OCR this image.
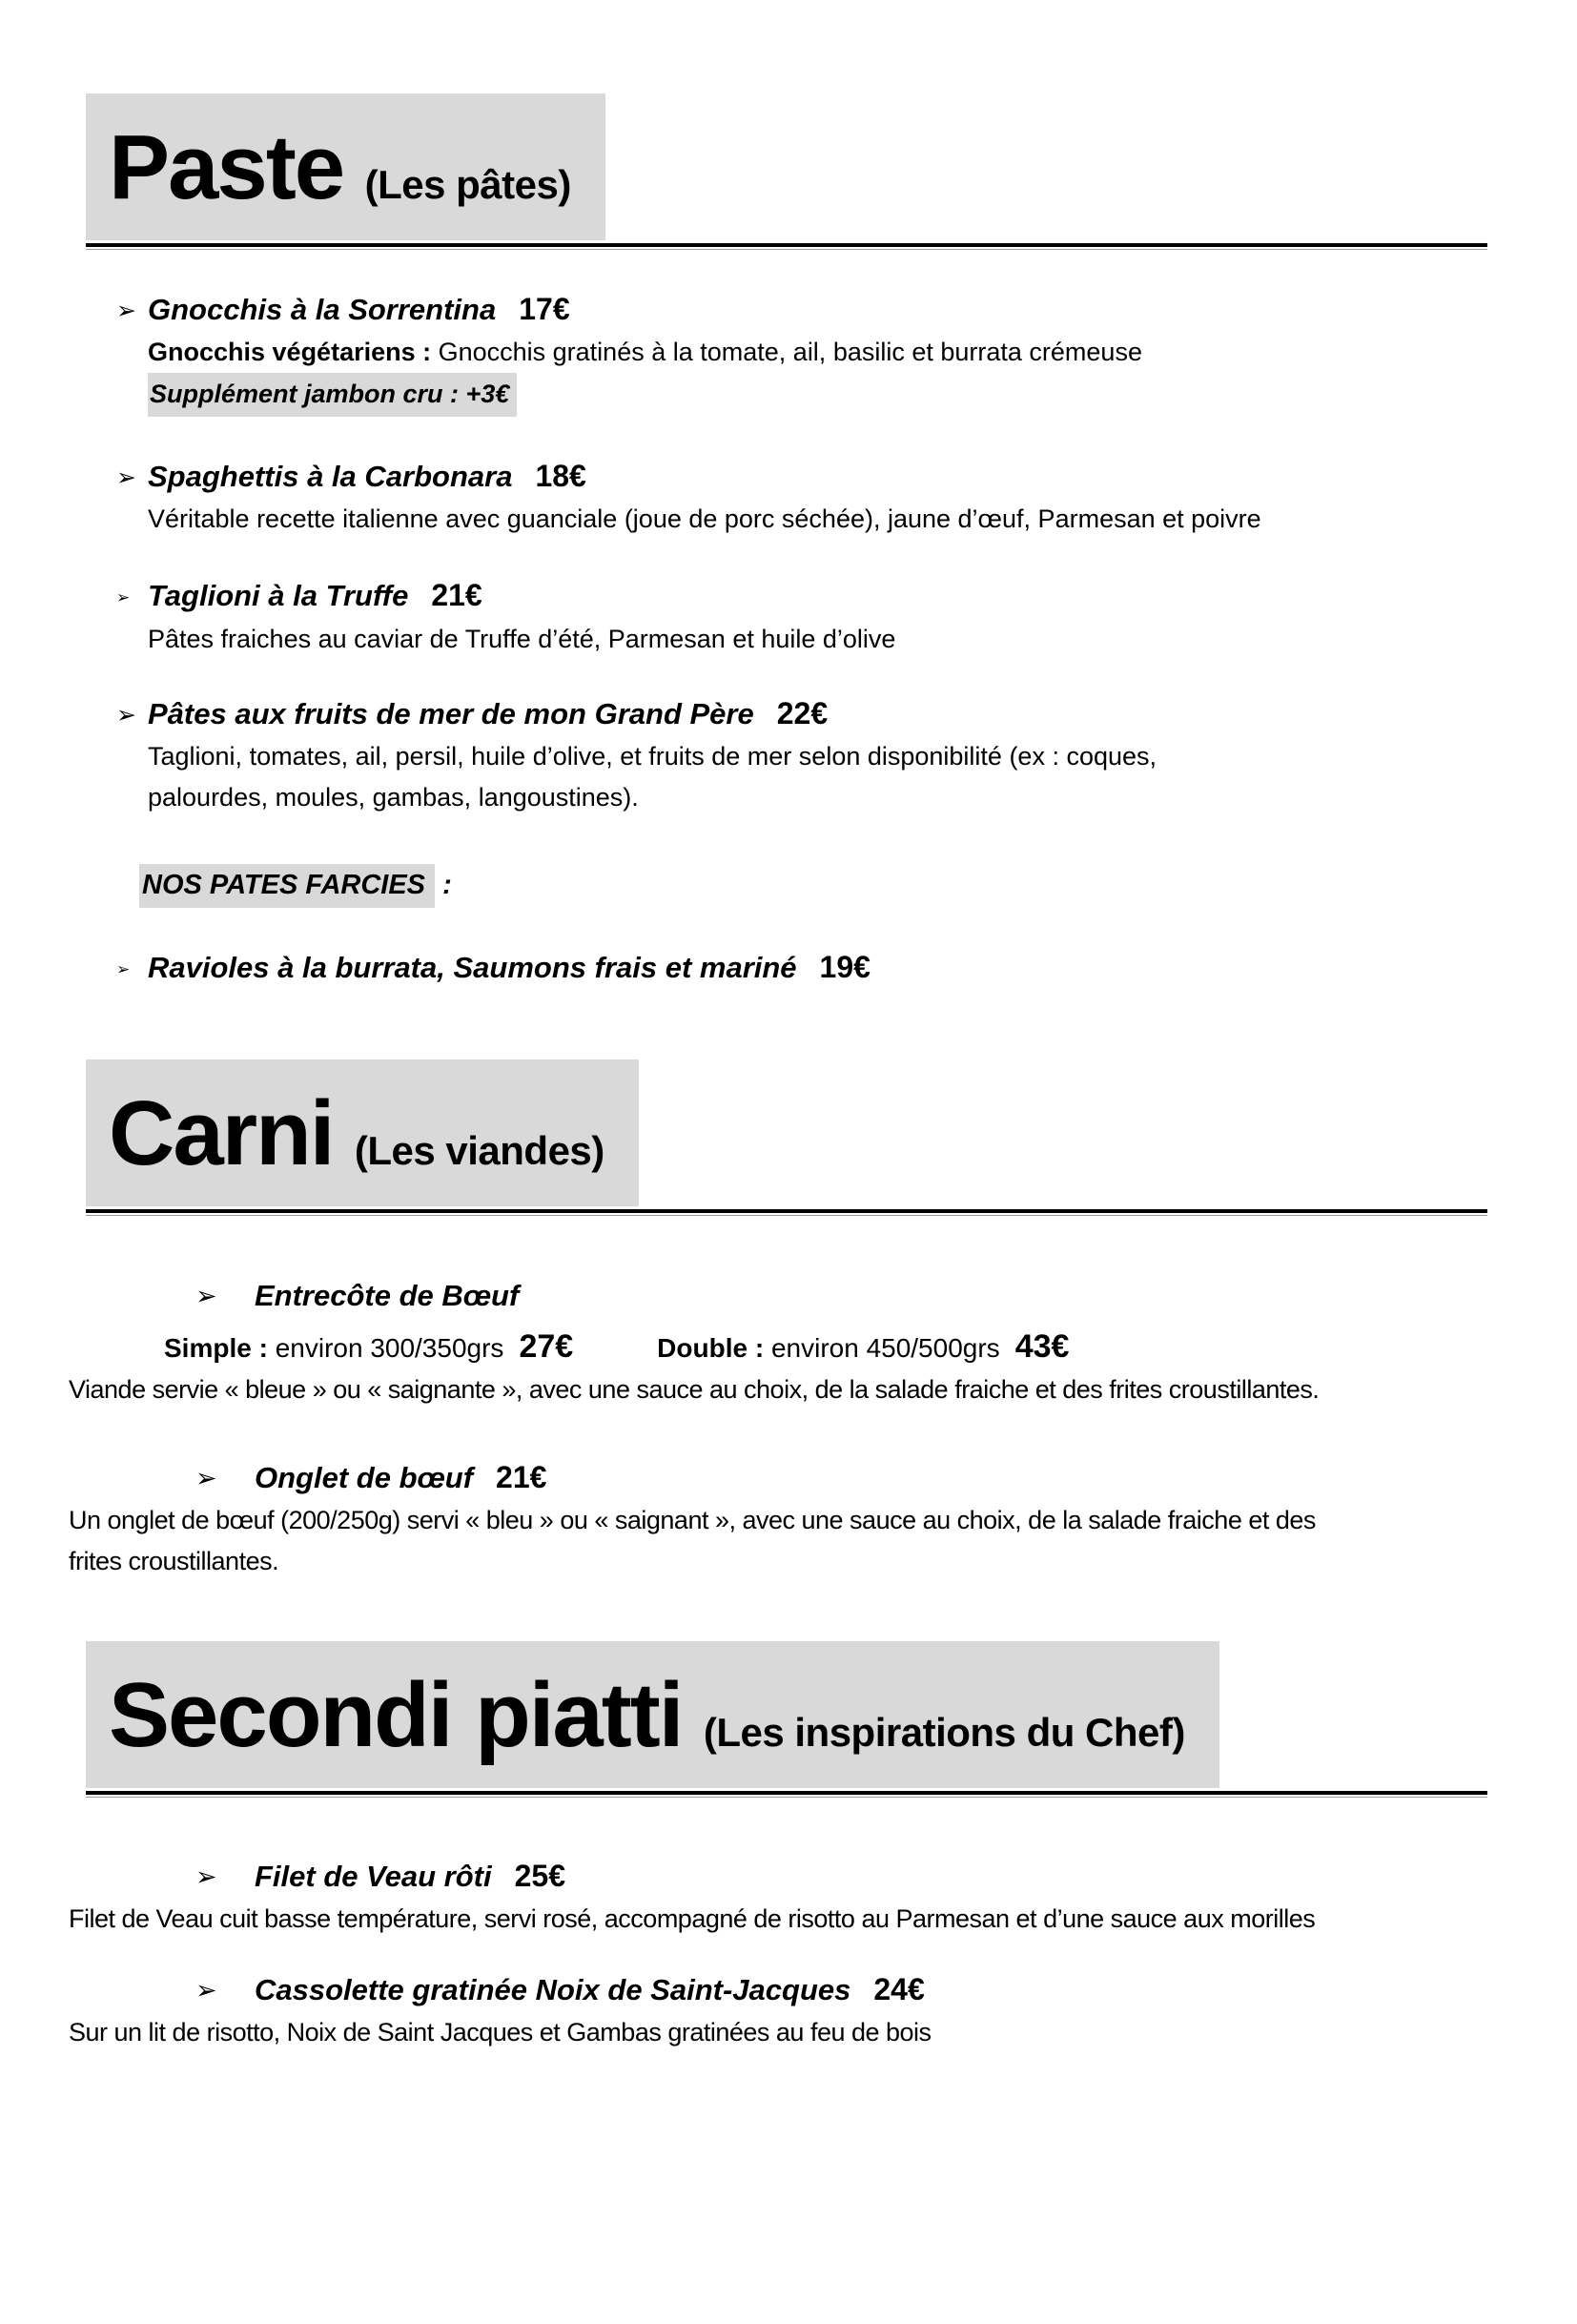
Paste (Les pâtes)
➢ Gnocchis à la Sorrentina 17€
Gnocchis végétariens : Gnocchis gratinés à la tomate, ail, basilic et burrata crémeuse
Supplément jambon cru : +3€
➢ Spaghettis à la Carbonara 18€
Véritable recette italienne avec guanciale (joue de porc séchée), jaune d’œuf, Parmesan et poivre
➢ Taglioni à la Truffe 21€
Pâtes fraiches au caviar de Truffe d’été, Parmesan et huile d’olive
➢ Pâtes aux fruits de mer de mon Grand Père 22€
Taglioni, tomates, ail, persil, huile d’olive, et fruits de mer selon disponibilité (ex : coques,
palourdes, moules, gambas, langoustines).
NOS PATES FARCIES :
➢ Ravioles à la burrata, Saumons frais et mariné 19€
Carni (Les viandes)
➢ Entrecôte de Bœuf
Simple : environ 300/350grs 27€	Double : environ 450/500grs 43€
Viande servie « bleue » ou « saignante », avec une sauce au choix, de la salade fraiche et des frites croustillantes.
➢ Onglet de bœuf 21€
Un onglet de bœuf (200/250g) servi « bleu » ou « saignant », avec une sauce au choix, de la salade fraiche et des
frites croustillantes.
Secondi piatti (Les inspirations du Chef)
➢ Filet de Veau rôti 25€
Filet de Veau cuit basse température, servi rosé, accompagné de risotto au Parmesan et d’une sauce aux morilles
➢ Cassolette gratinée Noix de Saint-Jacques 24€
Sur un lit de risotto, Noix de Saint Jacques et Gambas gratinées au feu de bois
